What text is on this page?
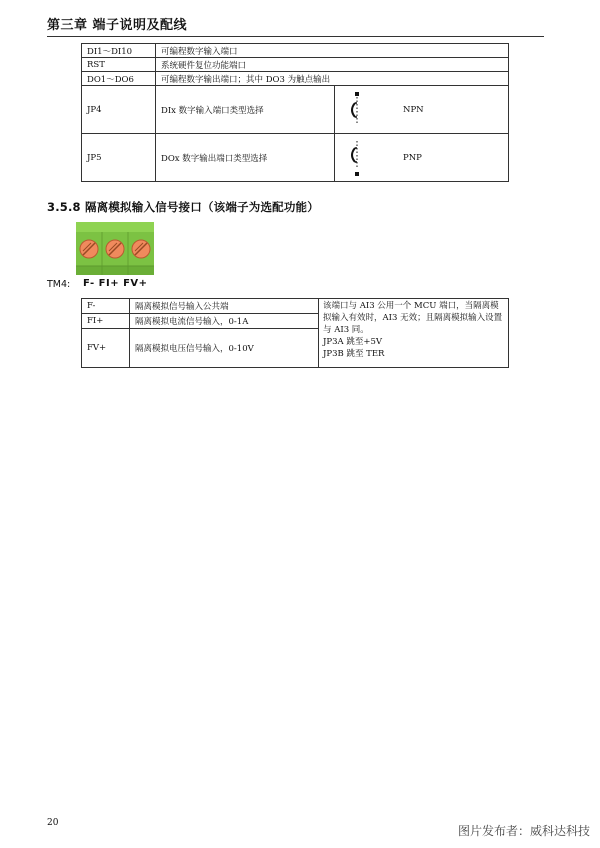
第三章 端子说明及配线
DI1～DI10	可编程数字输入端口		
RST	系统硬件复位功能端口		
DO1～DO6	可编程数字输出端口；其中 DO3 为触点输出		
JP4	DIx 数字输入端口类型选择		NPN
JP5	DOx 数字输出端口类型选择		PNP
3.5.8 隔离模拟输入信号接口（该端子为选配功能）
TM4: F- FI+ FV+
F-	隔离模拟信号输入公共端	该端口与 AI3 公用一个 MCU 端口，当隔离模拟输入有效时，AI3 无效；且隔离模拟输入设置与 AI3 同。
JP3A 跳至+5V
JP3B 跳至 TER

FI+	隔离模拟电流信号输入，0-1A	
FV+	隔离模拟电压信号输入，0-10V	
20
图片发布者：威科达科技
